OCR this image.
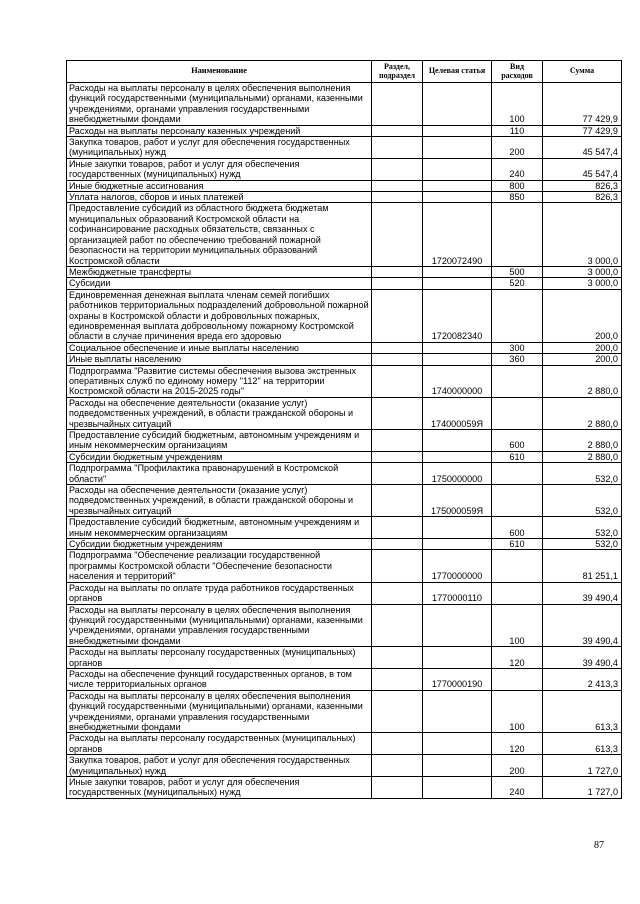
Наименование	Раздел, подраздел	Целевая статья	Вид расходов	Сумма
Расходы на выплаты персоналу в целях обеспечения выполнения функций государственными (муниципальными) органами, казенными учреждениями, органами управления государственными внебюджетными фондами			100	77 429,9
Расходы на выплаты персоналу казенных учреждений			110	77 429,9
Закупка товаров, работ и услуг для обеспечения государственных (муниципальных) нужд			200	45 547,4
Иные закупки товаров, работ и услуг для обеспечения государственных (муниципальных) нужд			240	45 547,4
Иные бюджетные ассигнования			800	826,3
Уплата налогов, сборов и иных платежей			850	826,3
Предоставление субсидий из областного бюджета бюджетам муниципальных образований Костромской области на софинансирование расходных обязательств, связанных с организацией работ по обеспечению требований пожарной безопасности на территории муниципальных образований Костромской области		1720072490		3 000,0
Межбюджетные трансферты			500	3 000,0
Субсидии			520	3 000,0
Единовременная денежная выплата членам семей погибших работников территориальных подразделений добровольной пожарной охраны в Костромской области и добровольных пожарных, единовременная выплата добровольному пожарному Костромской области в случае причинения вреда его здоровью		1720082340		200,0
Социальное обеспечение и иные выплаты населению			300	200,0
Иные выплаты населению			360	200,0
Подпрограмма "Развитие системы обеспечения вызова экстренных оперативных служб по единому номеру "112" на территории Костромской области на 2015-2025 годы"		1740000000		2 880,0
Расходы на обеспечение деятельности (оказание услуг) подведомственных учреждений, в области гражданской обороны и чрезвычайных ситуаций		174000059Я		2 880,0
Предоставление субсидий бюджетным, автономным учреждениям и иным некоммерческим организациям			600	2 880,0
Субсидии бюджетным учреждениям			610	2 880,0
Подпрограмма "Профилактика правонарушений в Костромской области"		1750000000		532,0
Расходы на обеспечение деятельности (оказание услуг) подведомственных учреждений, в области гражданской обороны и чрезвычайных ситуаций		175000059Я		532,0
Предоставление субсидий бюджетным, автономным учреждениям и иным некоммерческим организациям			600	532,0
Субсидии бюджетным учреждениям			610	532,0
Подпрограмма "Обеспечение реализации государственной программы Костромской области "Обеспечение безопасности населения и территорий"		1770000000		81 251,1
Расходы на выплаты по оплате труда работников государственных органов		1770000110		39 490,4
Расходы на выплаты персоналу в целях обеспечения выполнения функций государственными (муниципальными) органами, казенными учреждениями, органами управления государственными внебюджетными фондами			100	39 490,4
Расходы на выплаты персоналу государственных (муниципальных) органов			120	39 490,4
Расходы на обеспечение функций государственных органов, в том числе территориальных органов		1770000190		2 413,3
Расходы на выплаты персоналу в целях обеспечения выполнения функций государственными (муниципальными) органами, казенными учреждениями, органами управления государственными внебюджетными фондами			100	613,3
Расходы на выплаты персоналу государственных (муниципальных) органов			120	613,3
Закупка товаров, работ и услуг для обеспечения государственных (муниципальных) нужд			200	1 727,0
Иные закупки товаров, работ и услуг для обеспечения государственных (муниципальных) нужд			240	1 727,0
87
